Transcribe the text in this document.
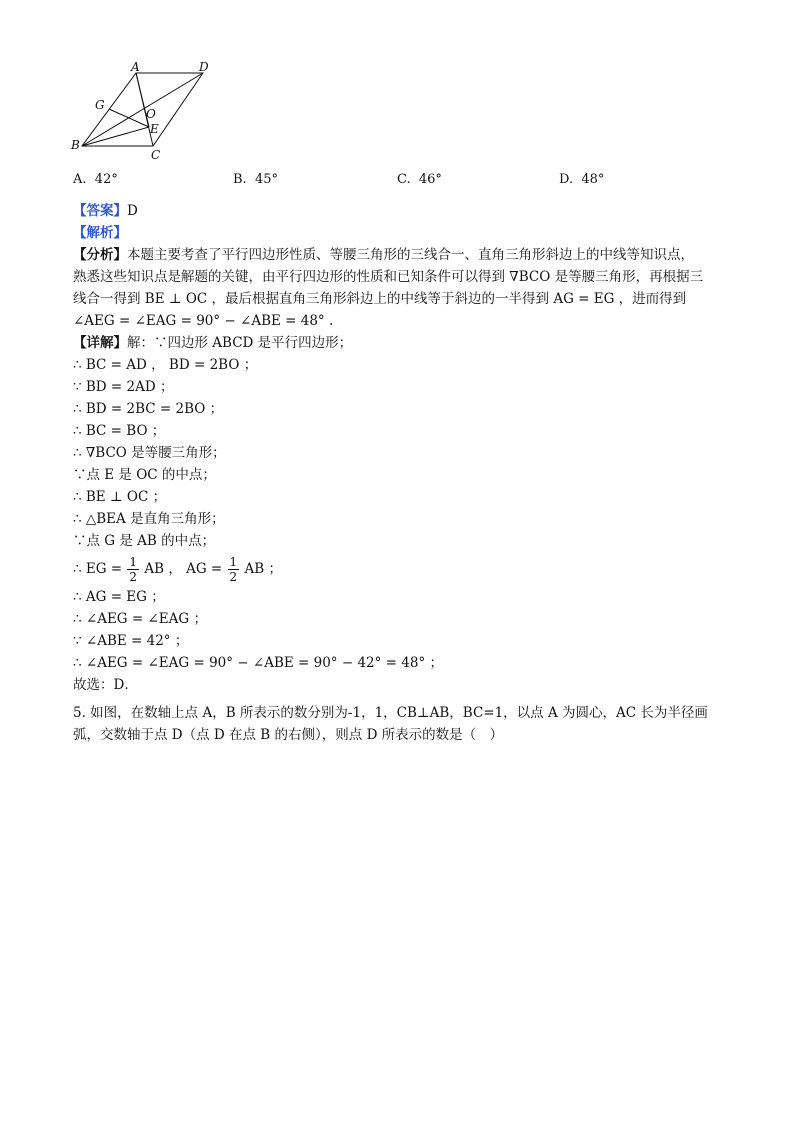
A	D
G
O
E
B
C
A. 42°	B. 45°	C. 46°	D. 48°

【答案】D

【解析】

【分析】本题主要考查了平行四边形性质、等腰三角形的三线合一、直角三角形斜边上的中线等知识点，

熟悉这些知识点是解题的关键，由平行四边形的性质和已知条件可以得到 ∇BCO 是等腰三角形，再根据三

线合一得到 BE ⊥ OC ，最后根据直角三角形斜边上的中线等于斜边的一半得到 AG = EG ，进而得到

∠AEG = ∠EAG = 90° − ∠ABE = 48° .

【详解】解：∵四边形 ABCD 是平行四边形；

∴ BC = AD ， BD = 2BO ；

∵ BD = 2AD ；

∴ BD = 2BC = 2BO ；

∴ BC = BO ；

∴ ∇BCO 是等腰三角形；

∵点 E 是 OC 的中点；

∴ BE ⊥ OC ；

∴ △BEA 是直角三角形；

∵点 G 是 AB 的中点；

∴ EG = $\frac{1}{2}$ AB ， AG = $\frac{1}{2}$ AB ；

∴ AG = EG ；

∴ ∠AEG = ∠EAG ；

∵ ∠ABE = 42° ；

∴ ∠AEG = ∠EAG = 90° − ∠ABE = 90° − 42° = 48° ；

故选：D．

5. 如图，在数轴上点 A，B 所表示的数分别为-1，1，CB⊥AB，BC=1，以点 A 为圆心，AC 长为半径画

弧，交数轴于点 D（点 D 在点 B 的右侧），则点 D 所表示的数是（　）
